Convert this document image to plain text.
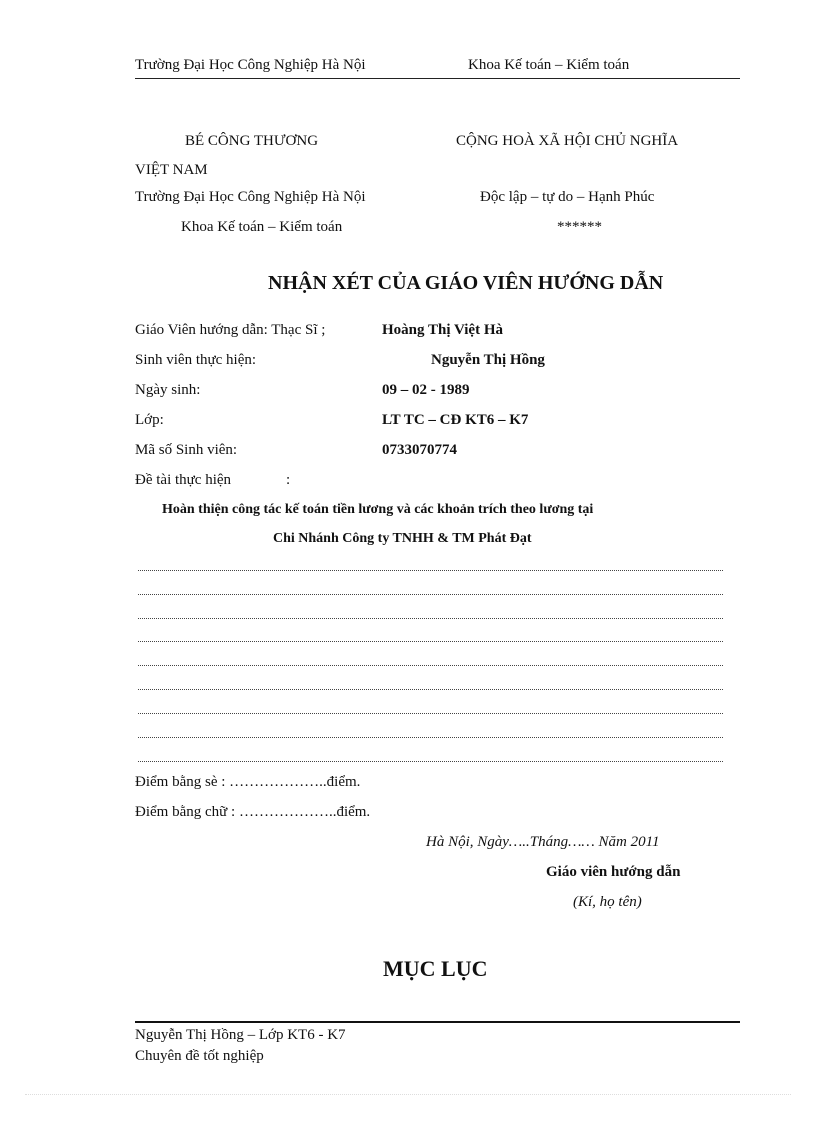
Trường Đại Học Công Nghiệp Hà Nội	Khoa Kế toán – Kiểm toán
BÉ CÔNG THƯƠNG	CỘNG HOÀ XÃ HỘI CHỦ NGHĨA
VIỆT NAM
Trường Đại Học Công Nghiệp Hà Nội	Độc lập – tự do – Hạnh Phúc
Khoa Kế toán – Kiểm toán	******
NHẬN XÉT CỦA GIÁO VIÊN HƯỚNG DẪN
Giáo Viên hướng dẫn: Thạc Sĩ ;	Hoàng Thị Việt Hà
Sinh viên thực hiện:	Nguyễn Thị Hồng
Ngày sinh:	09 – 02 - 1989
Lớp:	LT TC – CĐ KT6 – K7
Mã số Sinh viên:	0733070774
Đề tài thực hiện	:
Hoàn thiện công tác kế toán tiền lương và các khoản trích theo lương tại
Chi Nhánh Công ty TNHH & TM Phát Đạt
Điểm bằng sè : ………………..điểm.
Điểm bằng chữ : ………………..điểm.
Hà Nội, Ngày…..Tháng…… Năm 2011
Giáo viên hướng dẫn
(Kí, họ tên)
MỤC LỤC
Nguyễn Thị Hồng – Lớp KT6 - K7
Chuyên đề tốt nghiệp
